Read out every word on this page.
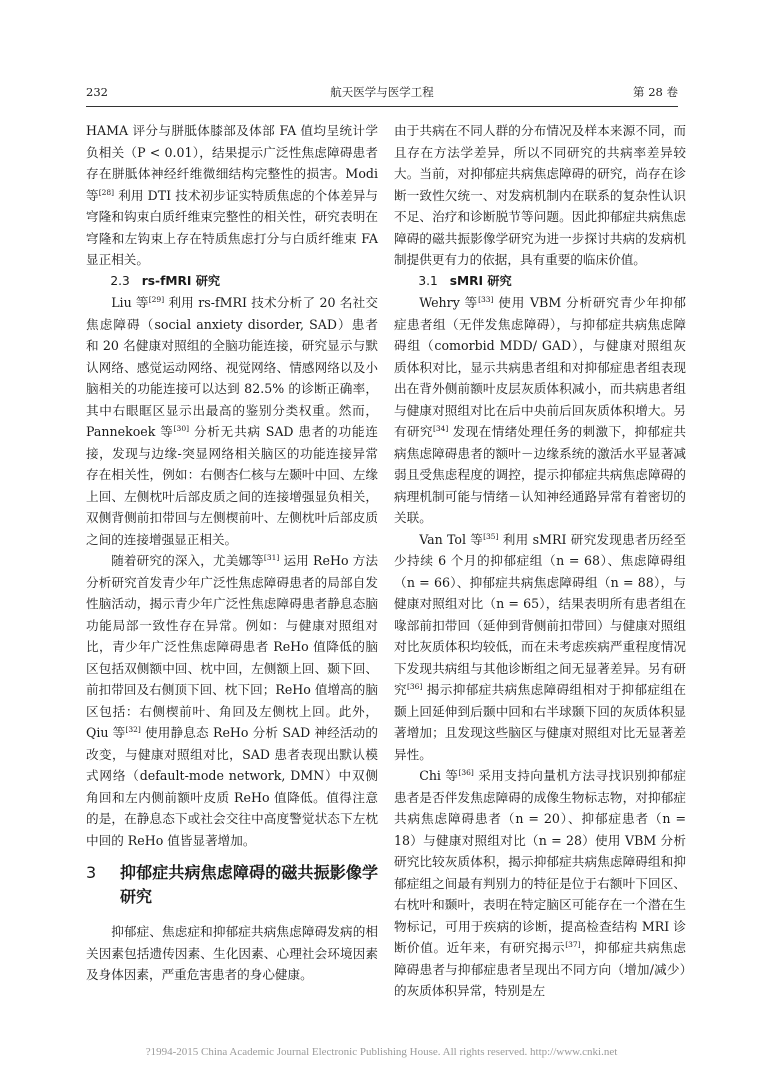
232	航天医学与医学工程	第 28 卷

HAMA 评分与胼胝体膝部及体部 FA 值均呈统计学负相关（P < 0.01），结果提示广泛性焦虑障碍患者存在胼胝体神经纤维微细结构完整性的损害。Modi 等[28] 利用 DTI 技术初步证实特质焦虑的个体差异与穹隆和钩束白质纤维束完整性的相关性，研究表明在穹隆和左钩束上存在特质焦虑打分与白质纤维束 FA 显正相关。

2.3 rs-fMRI 研究

Liu 等[29] 利用 rs-fMRI 技术分析了 20 名社交焦虑障碍（social anxiety disorder, SAD）患者和 20 名健康对照组的全脑功能连接，研究显示与默认网络、感觉运动网络、视觉网络、情感网络以及小脑相关的功能连接可以达到 82.5% 的诊断正确率，其中右眼眶区显示出最高的鉴别分类权重。然而，Pannekoek 等[30] 分析无共病 SAD 患者的功能连接，发现与边缘-突显网络相关脑区的功能连接异常存在相关性，例如：右侧杏仁核与左颞叶中回、左缘上回、左侧枕叶后部皮质之间的连接增强显负相关，双侧背侧前扣带回与左侧楔前叶、左侧枕叶后部皮质之间的连接增强显正相关。

随着研究的深入，尤美娜等[31] 运用 ReHo 方法分析研究首发青少年广泛性焦虑障碍患者的局部自发性脑活动，揭示青少年广泛性焦虑障碍患者静息态脑功能局部一致性存在异常。例如：与健康对照组对比，青少年广泛性焦虑障碍患者 ReHo 值降低的脑区包括双侧额中回、枕中回，左侧额上回、颞下回、前扣带回及右侧顶下回、枕下回；ReHo 值增高的脑区包括：右侧楔前叶、角回及左侧枕上回。此外，Qiu 等[32] 使用静息态 ReHo 分析 SAD 神经活动的改变，与健康对照组对比，SAD 患者表现出默认模式网络（default-mode network, DMN）中双侧角回和左内侧前额叶皮质 ReHo 值降低。值得注意的是，在静息态下或社会交往中高度警觉状态下左枕中回的 ReHo 值皆显著增加。

3	抑郁症共病焦虑障碍的磁共振影像学研究

抑郁症、焦虑症和抑郁症共病焦虑障碍发病的相关因素包括遗传因素、生化因素、心理社会环境因素及身体因素，严重危害患者的身心健康。

由于共病在不同人群的分布情况及样本来源不同，而且存在方法学差异，所以不同研究的共病率差异较大。当前，对抑郁症共病焦虑障碍的研究，尚存在诊断一致性欠统一、对发病机制内在联系的复杂性认识不足、治疗和诊断脱节等问题。因此抑郁症共病焦虑障碍的磁共振影像学研究为进一步探讨共病的发病机制提供更有力的依据，具有重要的临床价值。

3.1 sMRI 研究

Wehry 等[33] 使用 VBM 分析研究青少年抑郁症患者组（无伴发焦虑障碍），与抑郁症共病焦虑障碍组（comorbid MDD/ GAD），与健康对照组灰质体积对比，显示共病患者组和对抑郁症患者组表现出在背外侧前额叶皮层灰质体积减小，而共病患者组与健康对照组对比在后中央前后回灰质体积增大。另有研究[34] 发现在情绪处理任务的刺激下，抑郁症共病焦虑障碍患者的额叶－边缘系统的激活水平显著减弱且受焦虑程度的调控，提示抑郁症共病焦虑障碍的病理机制可能与情绪－认知神经通路异常有着密切的关联。

Van Tol 等[35] 利用 sMRI 研究发现患者历经至少持续 6 个月的抑郁症组（n = 68）、焦虑障碍组（n = 66）、抑郁症共病焦虑障碍组（n = 88），与健康对照组对比（n = 65），结果表明所有患者组在喙部前扣带回（延伸到背侧前扣带回）与健康对照组对比灰质体积均较低，而在未考虑疾病严重程度情况下发现共病组与其他诊断组之间无显著差异。另有研究[36] 揭示抑郁症共病焦虑障碍组相对于抑郁症组在颞上回延伸到后颞中回和右半球颞下回的灰质体积显著增加；且发现这些脑区与健康对照组对比无显著差异性。

Chi 等[36] 采用支持向量机方法寻找识别抑郁症患者是否伴发焦虑障碍的成像生物标志物，对抑郁症共病焦虑障碍患者（n = 20）、抑郁症患者（n = 18）与健康对照组对比（n = 28）使用 VBM 分析研究比较灰质体积，揭示抑郁症共病焦虑障碍组和抑郁症组之间最有判别力的特征是位于右额叶下回区、右枕叶和颞叶，表明在特定脑区可能存在一个潜在生物标记，可用于疾病的诊断，提高检查结构 MRI 诊断价值。近年来，有研究揭示[37]，抑郁症共病焦虑障碍患者与抑郁症患者呈现出不同方向（增加/减少）的灰质体积异常，特别是左

?1994-2015 China Academic Journal Electronic Publishing House. All rights reserved. http://www.cnki.net
